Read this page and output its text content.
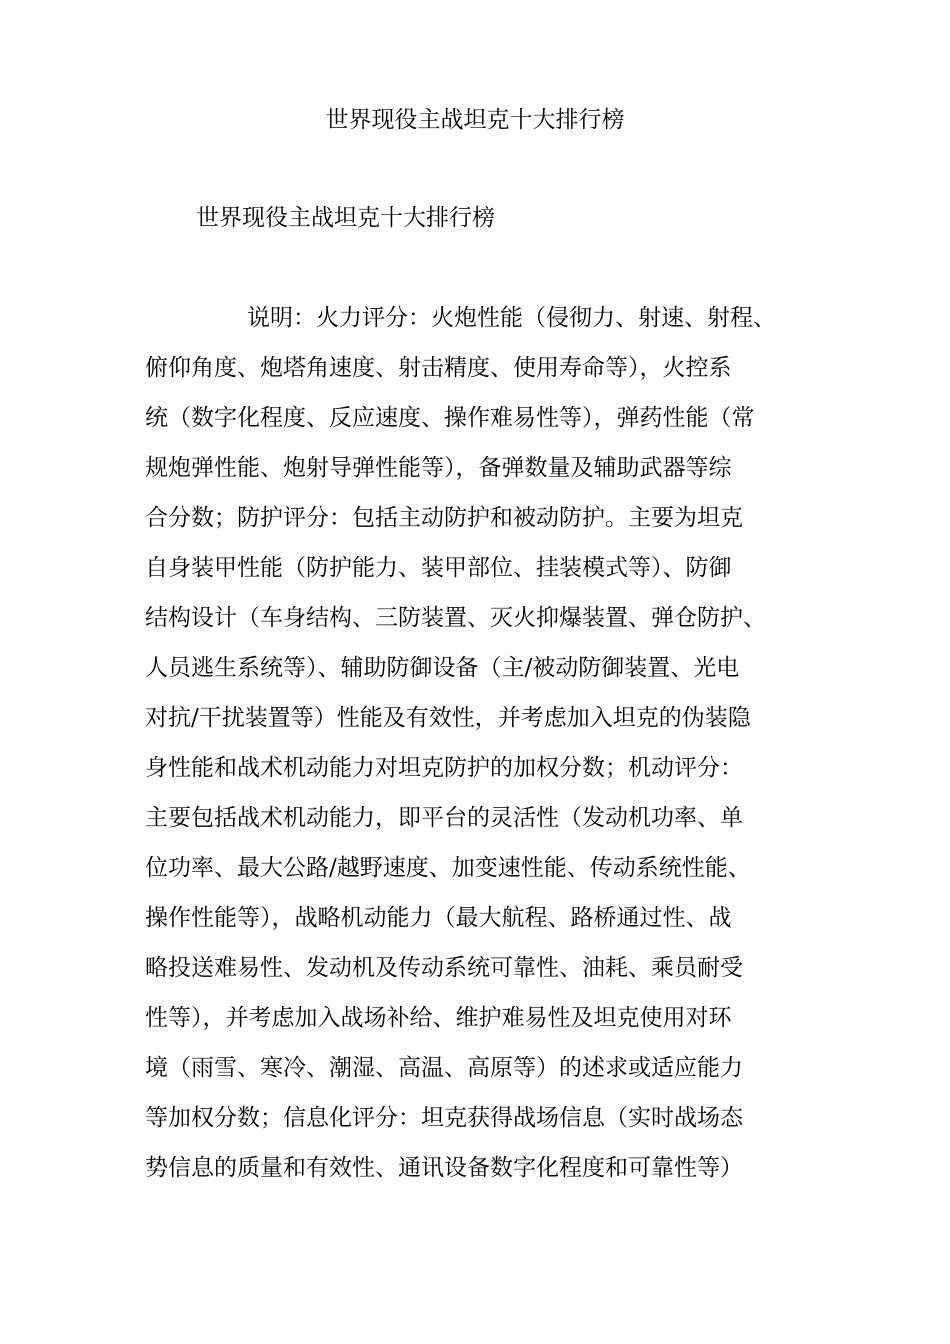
世界现役主战坦克十大排行榜
世界现役主战坦克十大排行榜
说明：火力评分：火炮性能（侵彻力、射速、射程、
俯仰角度、炮塔角速度、射击精度、使用寿命等），火控系
统（数字化程度、反应速度、操作难易性等），弹药性能（常
规炮弹性能、炮射导弹性能等），备弹数量及辅助武器等综
合分数；防护评分：包括主动防护和被动防护。主要为坦克
自身装甲性能（防护能力、装甲部位、挂装模式等）、防御
结构设计（车身结构、三防装置、灭火抑爆装置、弹仓防护、
人员逃生系统等）、辅助防御设备（主/被动防御装置、光电
对抗/干扰装置等）性能及有效性，并考虑加入坦克的伪装隐
身性能和战术机动能力对坦克防护的加权分数；机动评分：
主要包括战术机动能力，即平台的灵活性（发动机功率、单
位功率、最大公路/越野速度、加变速性能、传动系统性能、
操作性能等），战略机动能力（最大航程、路桥通过性、战
略投送难易性、发动机及传动系统可靠性、油耗、乘员耐受
性等），并考虑加入战场补给、维护难易性及坦克使用对环
境（雨雪、寒冷、潮湿、高温、高原等）的述求或适应能力
等加权分数；信息化评分：坦克获得战场信息（实时战场态
势信息的质量和有效性、通讯设备数字化程度和可靠性等）
